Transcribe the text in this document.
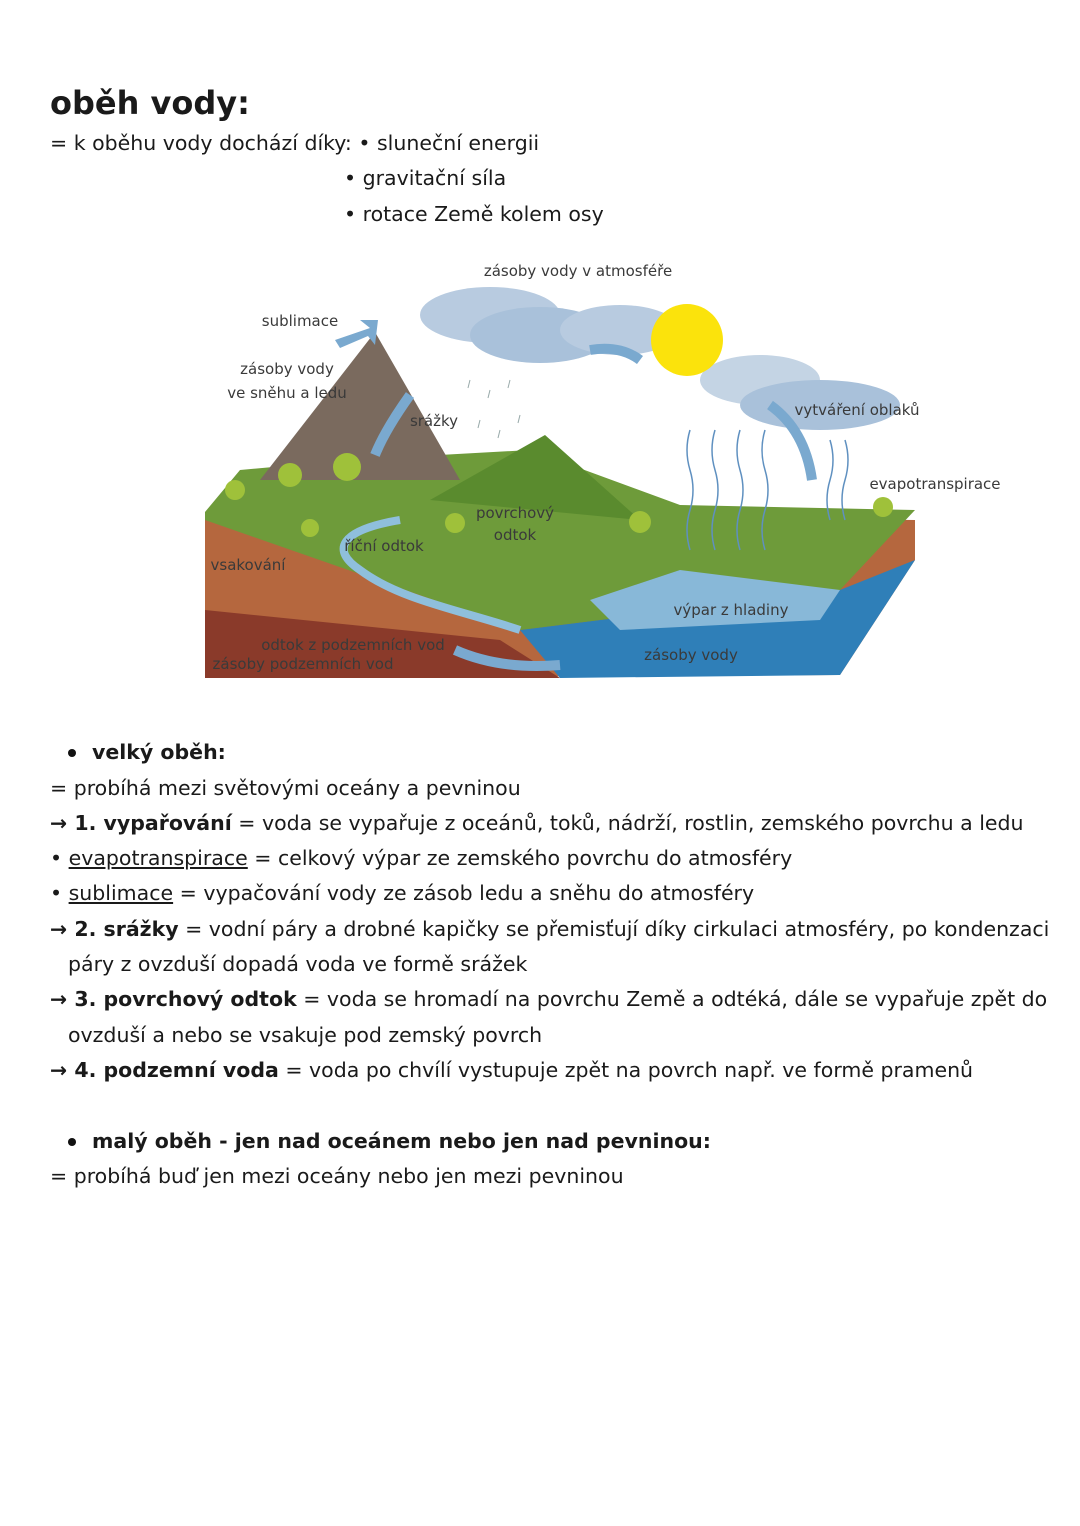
oběh vody:
= k oběhu vody dochází díky: • sluneční energii
• gravitační síla
• rotace Země kolem osy
zásoby vody v atmosféře
sublimace
zásoby vody
ve sněhu a ledu
srážky
vytváření oblaků
evapotranspirace
povrchový
odtok
říční odtok
vsakování
výpar z hladiny
odtok z podzemních vod
zásoby podzemních vod	zásoby vody
velký oběh:
= probíhá mezi světovými oceány a pevninou
→ 1. vypařování = voda se vypařuje z oceánů, toků, nádrží, rostlin, zemského povrchu a ledu
• evapotranspirace = celkový výpar ze zemského povrchu do atmosféry
• sublimace = vypačování vody ze zásob ledu a sněhu do atmosféry
→ 2. srážky = vodní páry a drobné kapičky se přemisťují díky cirkulaci atmosféry, po kondenzaci
páry z ovzduší dopadá voda ve formě srážek
→ 3. povrchový odtok = voda se hromadí na povrchu Země a odtéká, dále se vypařuje zpět do
ovzduší a nebo se vsakuje pod zemský povrch
→ 4. podzemní voda = voda po chvílí vystupuje zpět na povrch např. ve formě pramenů
malý oběh - jen nad oceánem nebo jen nad pevninou:
= probíhá buď jen mezi oceány nebo jen mezi pevninou
